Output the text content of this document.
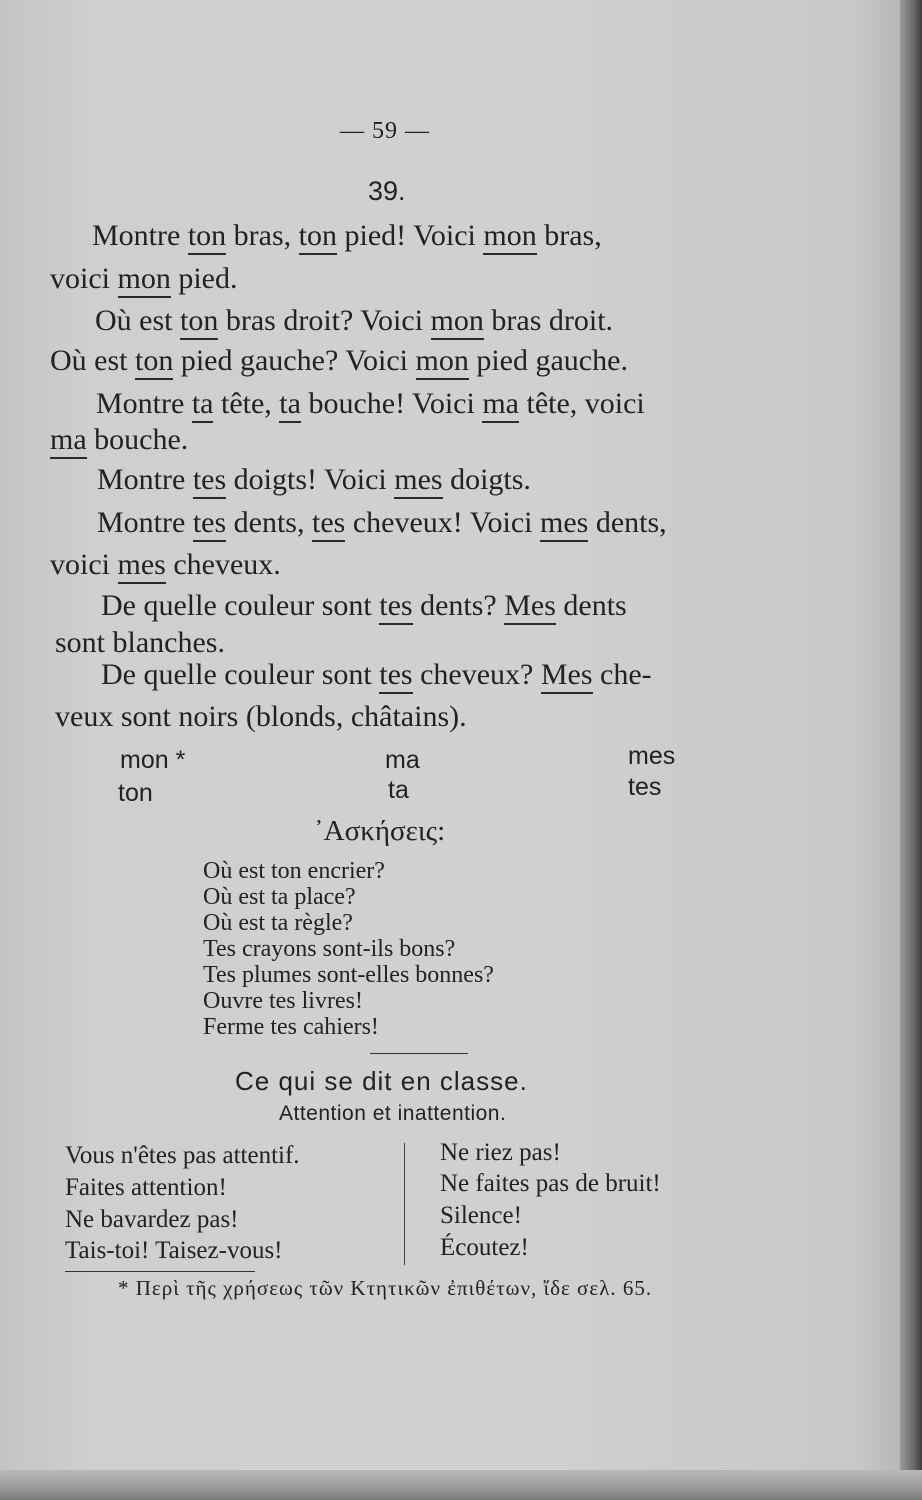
— 59 —
39.
Montre ton bras, ton pied! Voici mon bras,
voici mon pied.
Où est ton bras droit? Voici mon bras droit.
Où est ton pied gauche? Voici mon pied gauche.
Montre ta tête, ta bouche! Voici ma tête, voici
ma bouche.
Montre tes doigts! Voici mes doigts.
Montre tes dents, tes cheveux! Voici mes dents,
voici mes cheveux.
De quelle couleur sont tes dents? Mes dents
sont blanches.
De quelle couleur sont tes cheveux? Mes che-
veux sont noirs (blonds, châtains).
mon *	ma	mes
ton	ta	tes
᾿Ασκήσεις:
Où est ton encrier?
Où est ta place?
Où est ta règle?
Tes crayons sont-ils bons?
Tes plumes sont-elles bonnes?
Ouvre tes livres!
Ferme tes cahiers!
Ce qui se dit en classe.
Attention et inattention.
Vous n'êtes pas attentif.
Faites attention!
Ne bavardez pas!
Tais-toi! Taisez-vous!
Ne riez pas!
Ne faites pas de bruit!
Silence!
Écoutez!
* Περὶ τῆς χρήσεως τῶν Κτητικῶν ἐπιθέτων, ἴδε σελ. 65.
